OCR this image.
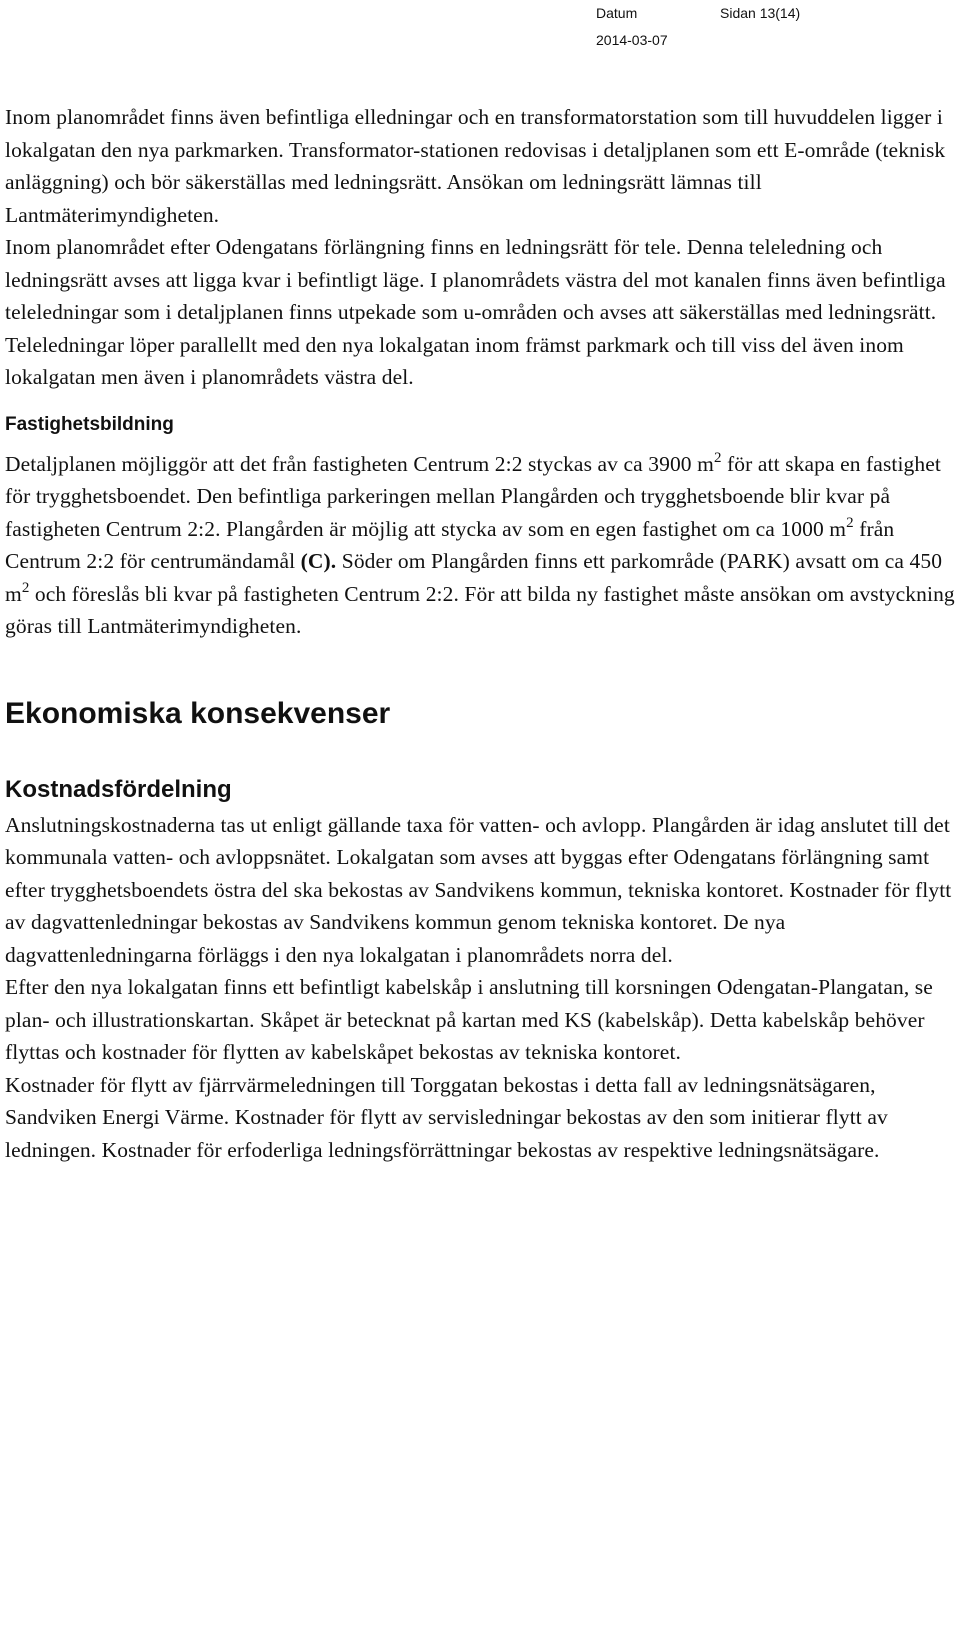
Datum	Sidan 13(14)
2014-03-07

Inom planområdet finns även befintliga elledningar och en transformatorstation som till huvuddelen ligger i lokalgatan den nya parkmarken. Transformator-stationen redovisas i detaljplanen som ett E-område (teknisk anläggning) och bör säkerställas med ledningsrätt. Ansökan om ledningsrätt lämnas till Lantmäterimyndigheten.

Inom planområdet efter Odengatans förlängning finns en ledningsrätt för tele. Denna teleledning och ledningsrätt avses att ligga kvar i befintligt läge. I planområdets västra del mot kanalen finns även befintliga teleledningar som i detaljplanen finns utpekade som u-områden och avses att säkerställas med ledningsrätt. Teleledningar löper parallellt med den nya lokalgatan inom främst parkmark och till viss del även inom lokalgatan men även i planområdets västra del.

Fastighetsbildning

Detaljplanen möjliggör att det från fastigheten Centrum 2:2 styckas av ca 3900 $m^2$ för att skapa en fastighet för trygghetsboendet. Den befintliga parkeringen mellan Plangården och trygghetsboende blir kvar på fastigheten Centrum 2:2. Plangården är möjlig att stycka av som en egen fastighet om ca 1000 $m^2$ från Centrum 2:2 för centrumändamål (C). Söder om Plangården finns ett parkområde (PARK) avsatt om ca 450 $m^2$ och föreslås bli kvar på fastigheten Centrum 2:2. För att bilda ny fastighet måste ansökan om avstyckning göras till Lantmäterimyndigheten.

Ekonomiska konsekvenser
Kostnadsfördelning

Anslutningskostnaderna tas ut enligt gällande taxa för vatten- och avlopp. Plangården är idag anslutet till det kommunala vatten- och avloppsnätet. Lokalgatan som avses att byggas efter Odengatans förlängning samt efter trygghetsboendets östra del ska bekostas av Sandvikens kommun, tekniska kontoret. Kostnader för flytt av dagvattenledningar bekostas av Sandvikens kommun genom tekniska kontoret. De nya dagvattenledningarna förläggs i den nya lokalgatan i planområdets norra del.

Efter den nya lokalgatan finns ett befintligt kabelskåp i anslutning till korsningen Odengatan-Plangatan, se plan- och illustrationskartan. Skåpet är betecknat på kartan med KS (kabelskåp). Detta kabelskåp behöver flyttas och kostnader för flytten av kabelskåpet bekostas av tekniska kontoret.

Kostnader för flytt av fjärrvärmeledningen till Torggatan bekostas i detta fall av ledningsnätsägaren, Sandviken Energi Värme. Kostnader för flytt av servisledningar bekostas av den som initierar flytt av ledningen. Kostnader för erfoderliga ledningsförrättningar bekostas av respektive ledningsnätsägare.
